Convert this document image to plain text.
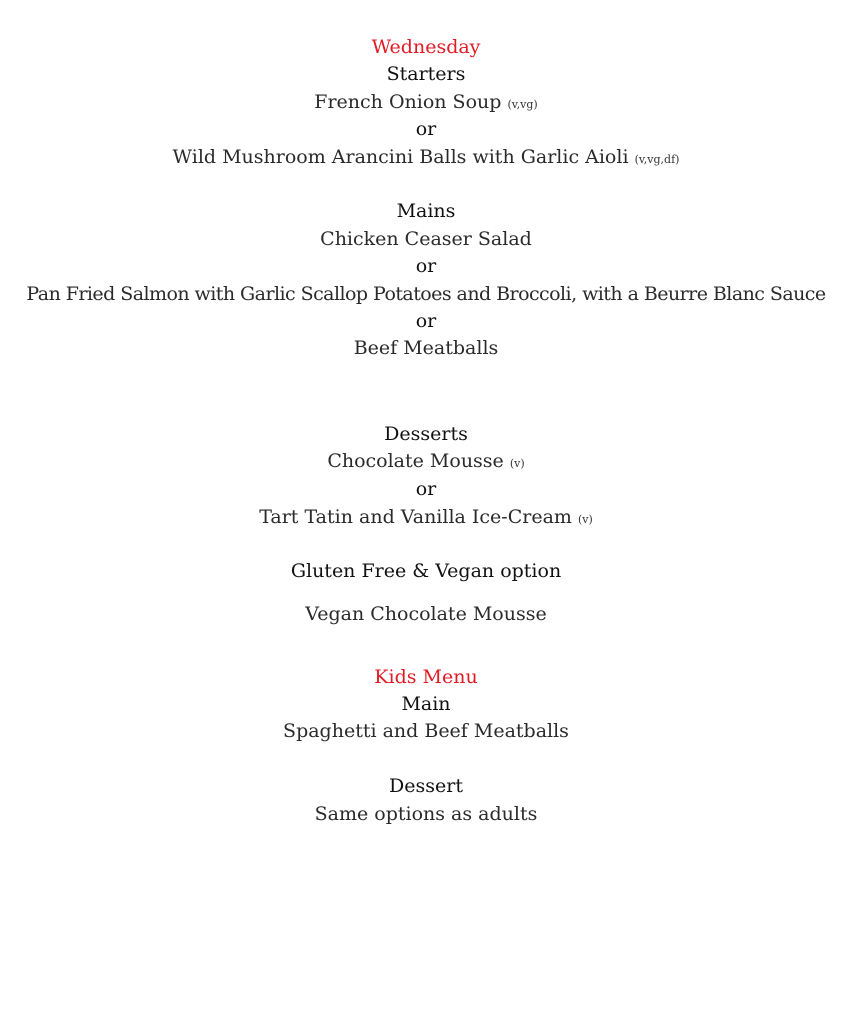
Wednesday
Starters
French Onion Soup (v,vg)
or
Wild Mushroom Arancini Balls with Garlic Aioli (v,vg,df)
Mains
Chicken Ceaser Salad
or
Pan Fried Salmon with Garlic Scallop Potatoes and Broccoli, with a Beurre Blanc Sauce
or
Beef Meatballs
Desserts
Chocolate Mousse (v)
or
Tart Tatin and Vanilla Ice-Cream (v)
Gluten Free & Vegan option
Vegan Chocolate Mousse
Kids Menu
Main
Spaghetti and Beef Meatballs
Dessert
Same options as adults
